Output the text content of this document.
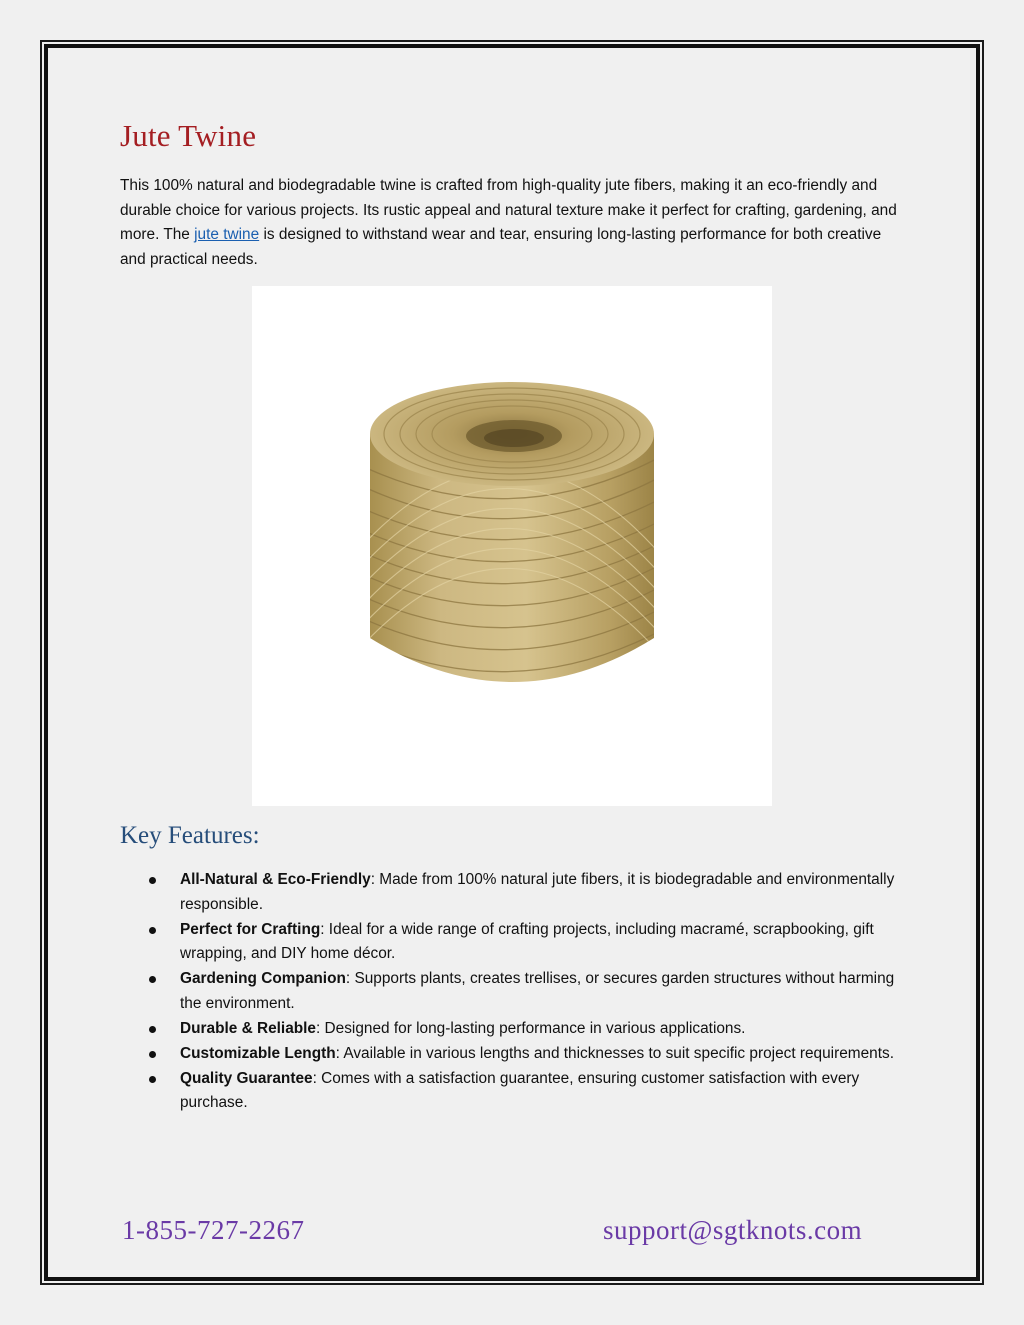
Jute Twine

This 100% natural and biodegradable twine is crafted from high-quality jute fibers, making it an eco-friendly and durable choice for various projects. Its rustic appeal and natural texture make it perfect for crafting, gardening, and more. The jute twine is designed to withstand wear and tear, ensuring long-lasting performance for both creative and practical needs.

Key Features:
All-Natural & Eco-Friendly: Made from 100% natural jute fibers, it is biodegradable and environmentally responsible.
Perfect for Crafting: Ideal for a wide range of crafting projects, including macramé, scrapbooking, gift wrapping, and DIY home décor.
Gardening Companion: Supports plants, creates trellises, or secures garden structures without harming the environment.
Durable & Reliable: Designed for long-lasting performance in various applications.
Customizable Length: Available in various lengths and thicknesses to suit specific project requirements.
Quality Guarantee: Comes with a satisfaction guarantee, ensuring customer satisfaction with every purchase.
1-855-727-2267	support@sgtknots.com
